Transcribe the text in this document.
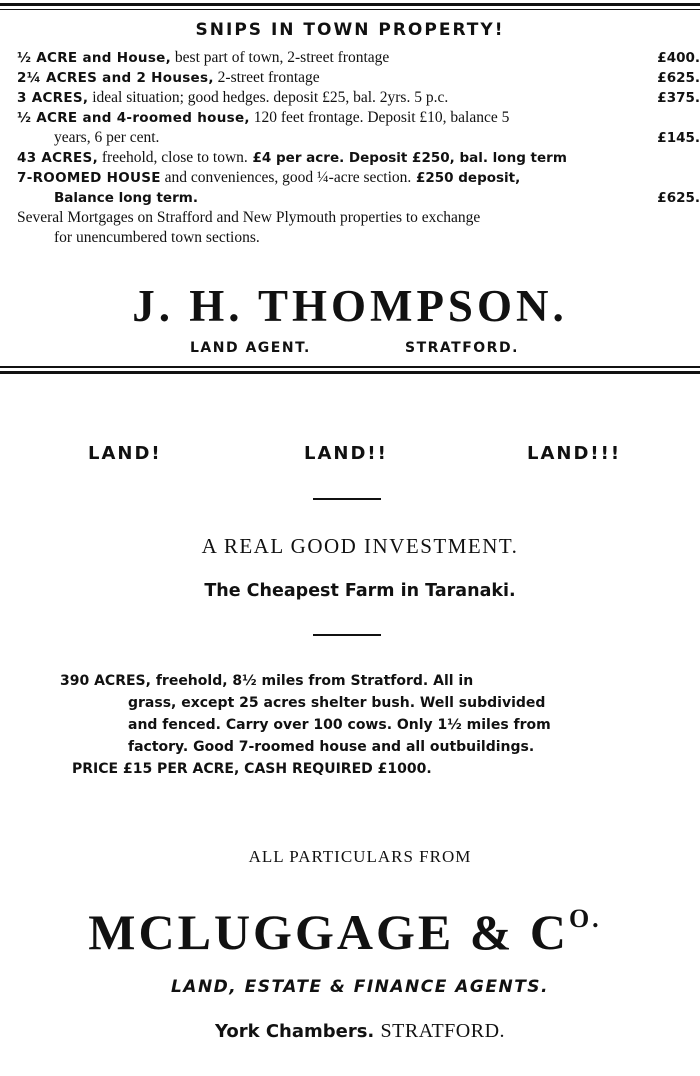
SNIPS IN TOWN PROPERTY!
½ ACRE and House, best part of town, 2-street frontage	£400.
2¼ ACRES and 2 Houses, 2-street frontage	£625.
3 ACRES, ideal situation; good hedges. deposit £25, bal. 2yrs. 5 p.c.	£375.
½ ACRE and 4-roomed house, 120 feet frontage. Deposit £10, balance 5
years, 6 per cent.	£145.
43 ACRES, freehold, close to town. £4 per acre. Deposit £250, bal. long term
7-ROOMED HOUSE and conveniences, good ¼-acre section. £250 deposit,
Balance long term.	£625.
Several Mortgages on Strafford and New Plymouth properties to exchange
for unencumbered town sections.
J. H. THOMPSON.
LAND AGENT.	STRATFORD.
LAND!	LAND!!	LAND!!!
A REAL GOOD INVESTMENT.
The Cheapest Farm in Taranaki.
390 ACRES, freehold, 8½ miles from Stratford. All in
grass, except 25 acres shelter bush. Well subdivided
and fenced. Carry over 100 cows. Only 1½ miles from
factory. Good 7-roomed house and all outbuildings.
PRICE £15 PER ACRE, CASH REQUIRED £1000.
ALL PARTICULARS FROM
MCLUGGAGE & $C^{O.}$
LAND, ESTATE & FINANCE AGENTS.
York Chambers. STRATFORD.
